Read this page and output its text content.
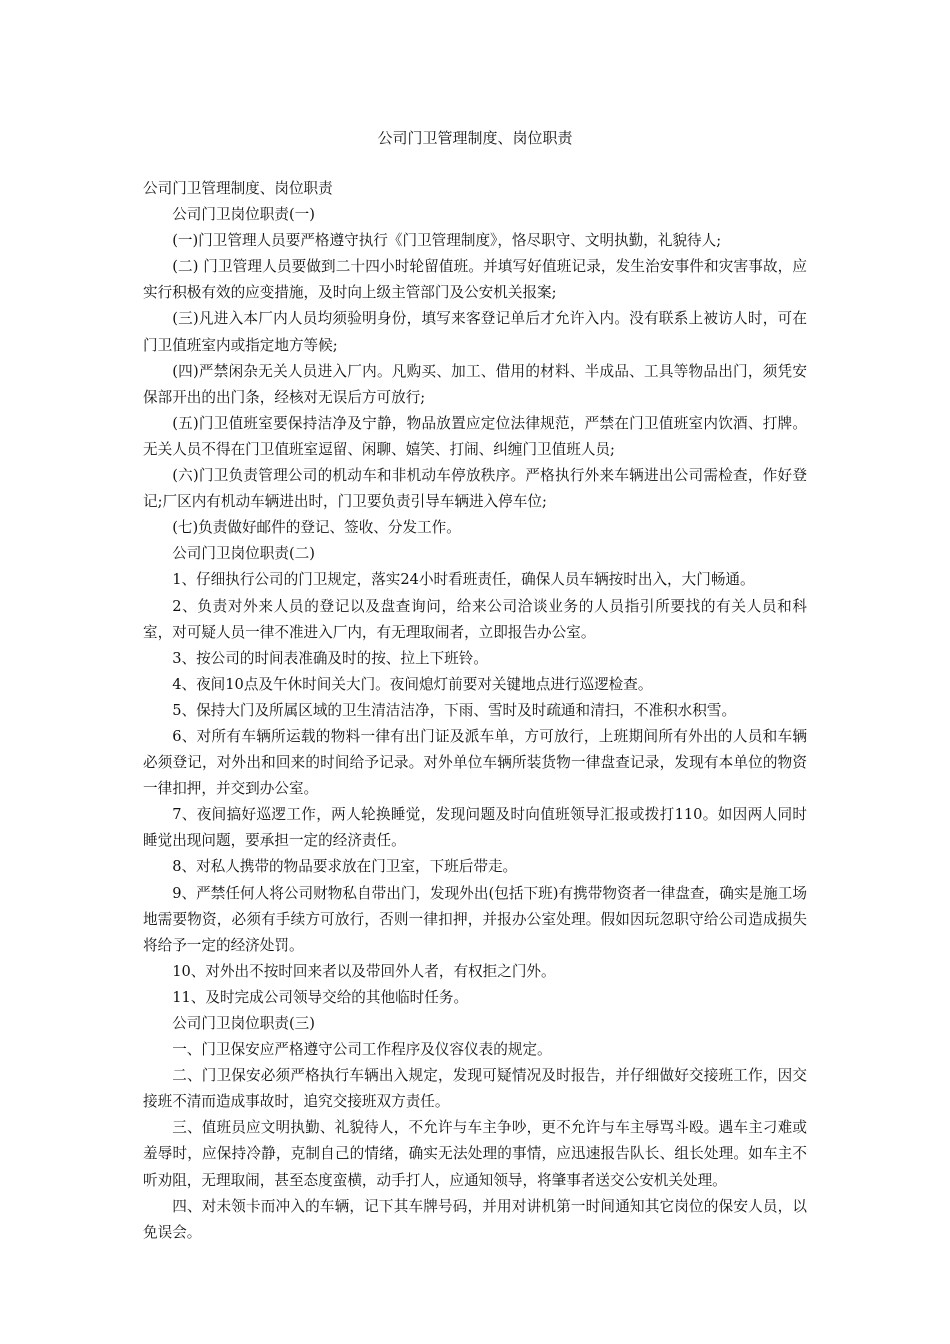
公司门卫管理制度、岗位职责

公司门卫管理制度、岗位职责

公司门卫岗位职责(一)

(一)门卫管理人员要严格遵守执行《门卫管理制度》，恪尽职守、文明执勤，礼貌待人;

(二) 门卫管理人员要做到二十四小时轮留值班。并填写好值班记录，发生治安事件和灾害事故，应实行积极有效的应变措施，及时向上级主管部门及公安机关报案;

(三)凡进入本厂内人员均须验明身份，填写来客登记单后才允许入内。没有联系上被访人时，可在门卫值班室内或指定地方等候;

(四)严禁闲杂无关人员进入厂内。凡购买、加工、借用的材料、半成品、工具等物品出门，须凭安保部开出的出门条，经核对无误后方可放行;

(五)门卫值班室要保持洁净及宁静，物品放置应定位法律规范，严禁在门卫值班室内饮酒、打牌。无关人员不得在门卫值班室逗留、闲聊、嬉笑、打闹、纠缠门卫值班人员;

(六)门卫负责管理公司的机动车和非机动车停放秩序。严格执行外来车辆进出公司需检查，作好登记;厂区内有机动车辆进出时，门卫要负责引导车辆进入停车位;

(七)负责做好邮件的登记、签收、分发工作。

公司门卫岗位职责(二)

1、仔细执行公司的门卫规定，落实24小时看班责任，确保人员车辆按时出入，大门畅通。

2、负责对外来人员的登记以及盘查询问，给来公司洽谈业务的人员指引所要找的有关人员和科室，对可疑人员一律不准进入厂内，有无理取闹者，立即报告办公室。

3、按公司的时间表准确及时的按、拉上下班铃。

4、夜间10点及午休时间关大门。夜间熄灯前要对关键地点进行巡逻检查。

5、保持大门及所属区域的卫生清洁洁净，下雨、雪时及时疏通和清扫，不准积水积雪。

6、对所有车辆所运载的物料一律有出门证及派车单，方可放行，上班期间所有外出的人员和车辆必须登记，对外出和回来的时间给予记录。对外单位车辆所装货物一律盘查记录，发现有本单位的物资一律扣押，并交到办公室。

7、夜间搞好巡逻工作，两人轮换睡觉，发现问题及时向值班领导汇报或拨打110。如因两人同时睡觉出现问题，要承担一定的经济责任。

8、对私人携带的物品要求放在门卫室，下班后带走。

9、严禁任何人将公司财物私自带出门，发现外出(包括下班)有携带物资者一律盘查，确实是施工场地需要物资，必须有手续方可放行，否则一律扣押，并报办公室处理。假如因玩忽职守给公司造成损失将给予一定的经济处罚。

10、对外出不按时回来者以及带回外人者，有权拒之门外。

11、及时完成公司领导交给的其他临时任务。

公司门卫岗位职责(三)

一、门卫保安应严格遵守公司工作程序及仪容仪表的规定。

二、门卫保安必须严格执行车辆出入规定，发现可疑情况及时报告，并仔细做好交接班工作，因交接班不清而造成事故时，追究交接班双方责任。

三、值班员应文明执勤、礼貌待人，不允许与车主争吵，更不允许与车主辱骂斗殴。遇车主刁难或羞辱时，应保持冷静，克制自己的情绪，确实无法处理的事情，应迅速报告队长、组长处理。如车主不听劝阻，无理取闹，甚至态度蛮横，动手打人，应通知领导，将肇事者送交公安机关处理。

四、对未领卡而冲入的车辆，记下其车牌号码，并用对讲机第一时间通知其它岗位的保安人员，以免误会。
